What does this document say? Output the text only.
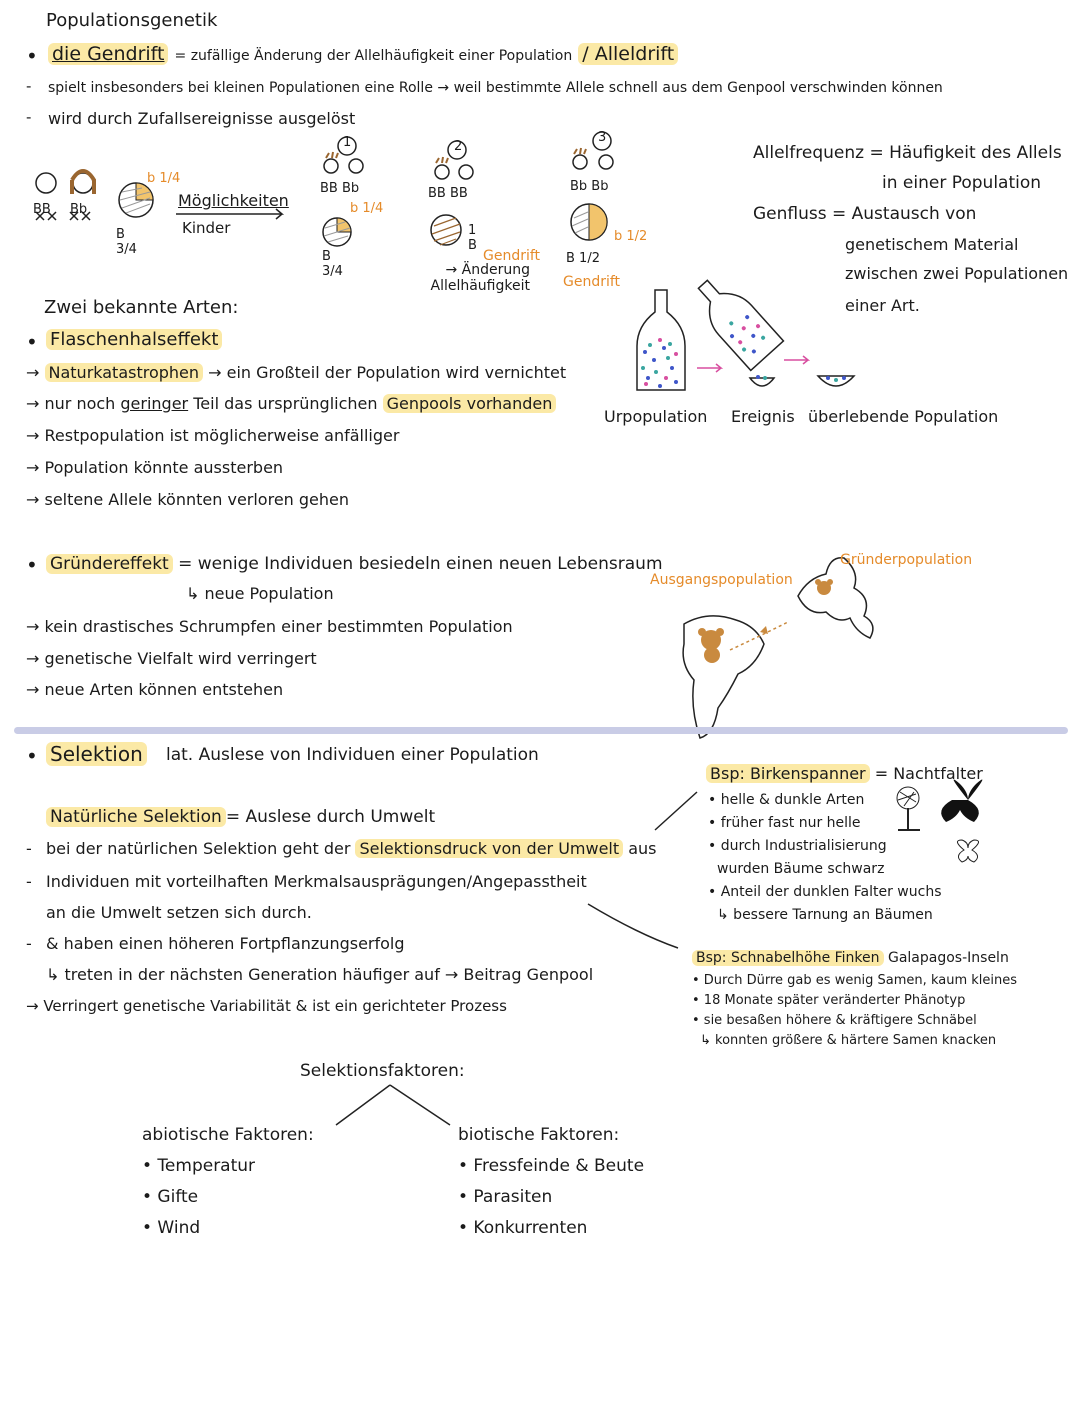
Populationsgenetik
• die Gendrift = zufällige Änderung der Allelhäufigkeit einer Population / Alleldrift
- spielt insbesonders bei kleinen Populationen eine Rolle → weil bestimmte Allele schnell aus dem Genpool verschwinden können
- wird durch Zufallsereignisse ausgelöst
BB Bb
b 1/4
B 3/4
Möglichkeiten
Kinder
1
BB Bb
b 1/4
B 3/4
2
BB BB
1 B
Gendrift
→ Änderung Allelhäufigkeit
3
Bb Bb
b 1/2
B 1/2
Gendrift
Allelfrequenz = Häufigkeit des Allels
in einer Population
Genfluss = Austausch von
genetischem Material
zwischen zwei Populationen
einer Art.
Zwei bekannte Arten:
• Flaschenhalseffekt
→ Naturkatastrophen → ein Großteil der Population wird vernichtet
→ nur noch geringer Teil das ursprünglichen Genpools vorhanden
→ Restpopulation ist möglicherweise anfälliger
→ Population könnte aussterben
→ seltene Allele könnten verloren gehen
Urpopulation Ereignis überlebende Population
• Gründereffekt = wenige Individuen besiedeln einen neuen Lebensraum
↳ neue Population
→ kein drastisches Schrumpfen einer bestimmten Population
→ genetische Vielfalt wird verringert
→ neue Arten können entstehen
Ausgangspopulation
Gründerpopulation
• Selektion lat. Auslese von Individuen einer Population
Natürliche Selektion = Auslese durch Umwelt
- bei der natürlichen Selektion geht der Selektionsdruck von der Umwelt aus
- Individuen mit vorteilhaften Merkmalsausprägungen/Angepasstheit
an die Umwelt setzen sich durch.
- & haben einen höheren Fortpflanzungserfolg
↳ treten in der nächsten Generation häufiger auf → Beitrag Genpool
→ Verringert genetische Variabilität & ist ein gerichteter Prozess
Bsp: Birkenspanner = Nachtfalter
• helle & dunkle Arten
• früher fast nur helle
• durch Industrialisierung
wurden Bäume schwarz
• Anteil der dunklen Falter wuchs
↳ bessere Tarnung an Bäumen
Bsp: Schnabelhöhe Finken Galapagos-Inseln
• Durch Dürre gab es wenig Samen, kaum kleines
• 18 Monate später veränderter Phänotyp
• sie besaßen höhere & kräftigere Schnäbel
↳ konnten größere & härtere Samen knacken
Selektionsfaktoren:
abiotische Faktoren:
• Temperatur
• Gifte
• Wind
biotische Faktoren:
• Fressfeinde & Beute
• Parasiten
• Konkurrenten
